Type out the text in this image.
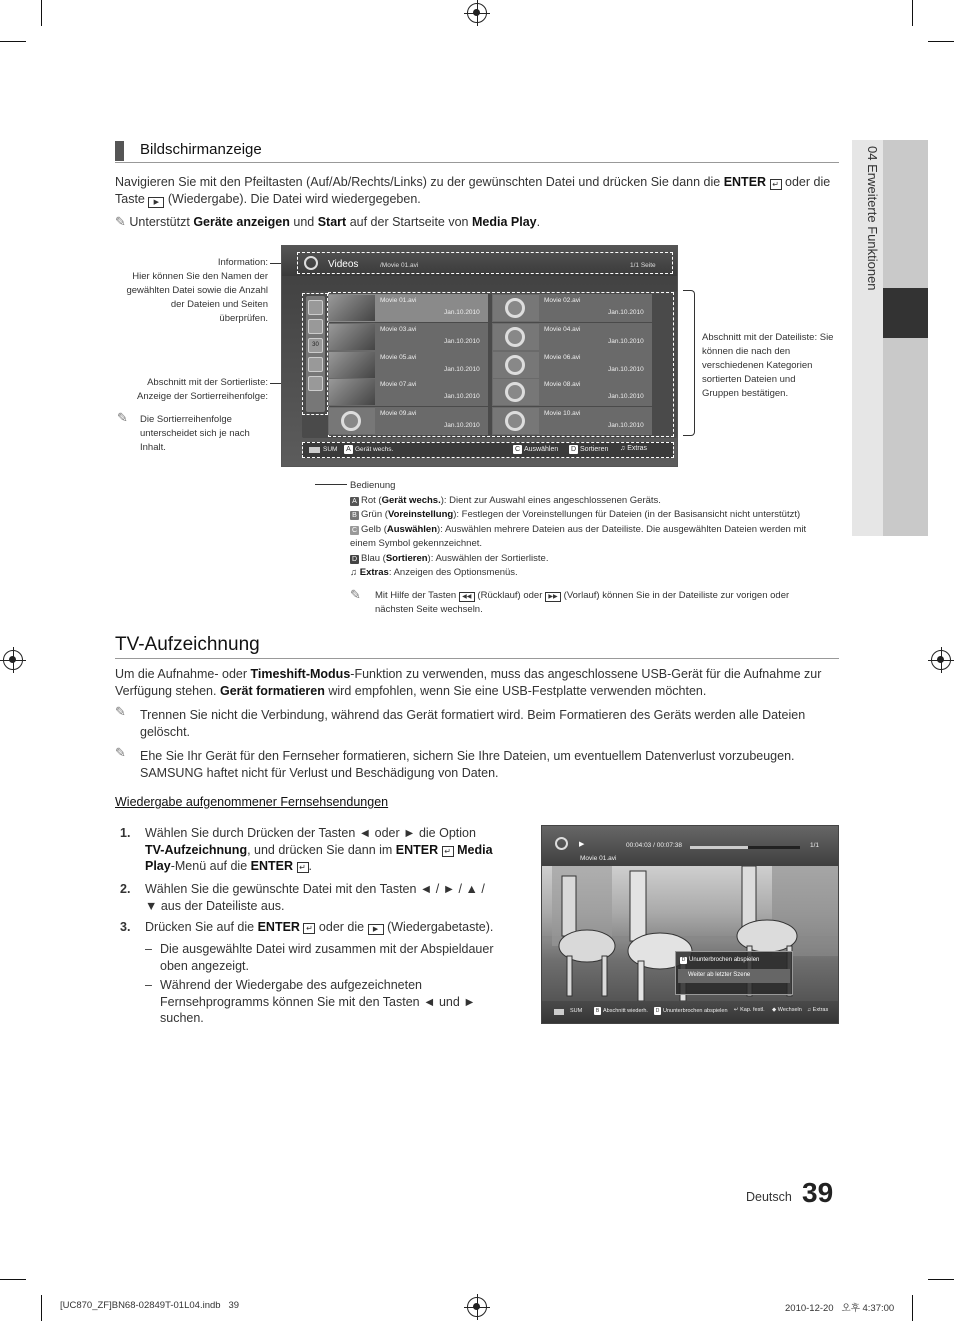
04 Erweiterte Funktionen
Bildschirmanzeige
Navigieren Sie mit den Pfeiltasten (Auf/Ab/Rechts/Links) zu der gewünschten Datei und drücken Sie dann die ENTER ↵ oder die Taste ▶ (Wiedergabe). Die Datei wird wiedergegeben.
✎ Unterstützt Geräte anzeigen und Start auf der Startseite von Media Play.
Information:
Hier können Sie den Namen der gewählten Datei sowie die Anzahl der Dateien und Seiten überprüfen.
Abschnitt mit der Sortierliste:
Anzeige der Sortierreihenfolge:
✎ Die Sortierreihenfolge unterscheidet sich je nach Inhalt.
Abschnitt mit der Dateiliste: Sie können die nach den verschiedenen Kategorien sortierten Dateien und Gruppen bestätigen.
Videos	/Movie 01.avi	1/1 Seite
30
Movie 01.avi
Jan.10.2010
Movie 02.avi
Jan.10.2010
Movie 03.avi
Jan.10.2010
Movie 04.avi
Jan.10.2010
Movie 05.avi
Jan.10.2010
Movie 06.avi
Jan.10.2010
Movie 07.avi
Jan.10.2010
Movie 08.avi
Jan.10.2010
Movie 09.avi
Jan.10.2010
Movie 10.avi
Jan.10.2010
SUM	A Gerät wechs.	C Auswählen D Sortieren ♫ Extras
Bedienung
A Rot (Gerät wechs.): Dient zur Auswahl eines angeschlossenen Geräts.
B Grün (Voreinstellung): Festlegen der Voreinstellungen für Dateien (in der Basisansicht nicht unterstützt)
C Gelb (Auswählen): Auswählen mehrere Dateien aus der Dateiliste. Die ausgewählten Dateien werden mit einem Symbol gekennzeichnet.
D Blau (Sortieren): Auswählen der Sortierliste.
♫ Extras: Anzeigen des Optionsmenüs.
✎ Mit Hilfe der Tasten ◀◀ (Rücklauf) oder ▶▶ (Vorlauf) können Sie in der Dateiliste zur vorigen oder nächsten Seite wechseln.
TV-Aufzeichnung
Um die Aufnahme- oder Timeshift-Modus-Funktion zu verwenden, muss das angeschlossene USB-Gerät für die Aufnahme zur Verfügung stehen. Gerät formatieren wird empfohlen, wenn Sie eine USB-Festplatte verwenden möchten.
✎ Trennen Sie nicht die Verbindung, während das Gerät formatiert wird. Beim Formatieren des Geräts werden alle Dateien gelöscht.
✎ Ehe Sie Ihr Gerät für den Fernseher formatieren, sichern Sie Ihre Dateien, um eventuellem Datenverlust vorzubeugen. SAMSUNG haftet nicht für Verlust und Beschädigung von Daten.
Wiedergabe aufgenommener Fernsehsendungen
1. Wählen Sie durch Drücken der Tasten ◄ oder ► die Option TV-Aufzeichnung, und drücken Sie dann im ENTER ↵ Media Play-Menü auf die ENTER ↵ .
2. Wählen Sie die gewünschte Datei mit den Tasten ◄ / ► / ▲ / ▼ aus der Dateiliste aus.
3. Drücken Sie auf die ENTER ↵ oder die ▶ (Wiedergabetaste).
– Die ausgewählte Datei wird zusammen mit der Abspieldauer oben angezeigt.
– Während der Wiedergabe des aufgezeichneten Fernsehprogramms können Sie mit den Tasten ◄ und ► suchen.
▶	00:04:03 / 00:07:38	1/1
Movie 01.avi
D Ununterbrochen abspielen
Weiter ab letzter Szene
SUM	B Abschnitt wiederh.	D Ununterbrochen abspielen ↵ Kap. festl. ◆ Wechseln ♫ Extras
Deutsch 39
[UC870_ZF]BN68-02849T-01L04.indb   39	2010-12-20   오후 4:37:00
